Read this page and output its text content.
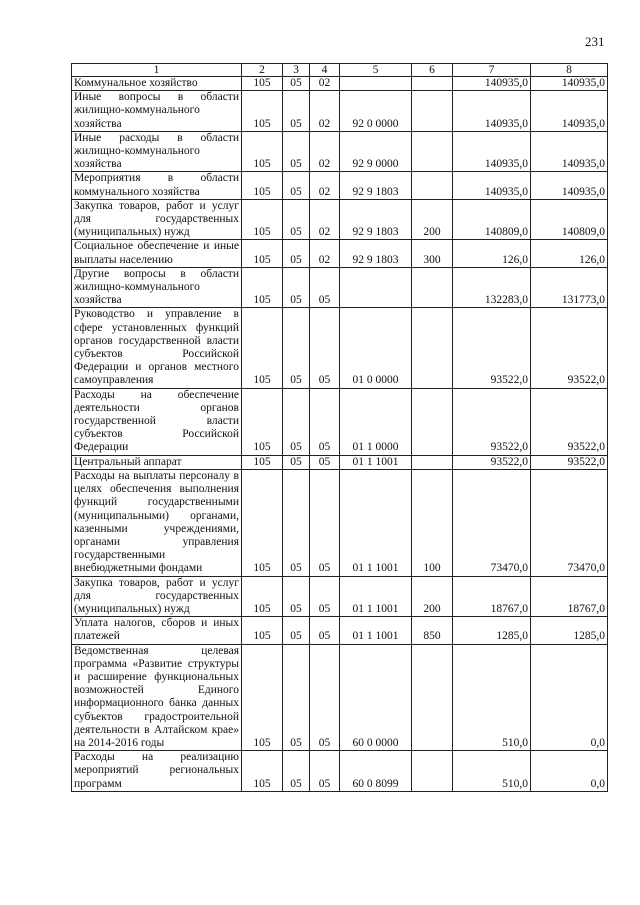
231
1	2	3	4	5	6	7	8
Коммунальное хозяйство	105	05	02			140935,0	140935,0
Иные вопросы в области жилищно-коммунального хозяйства	105	05	02	92 0 0000		140935,0	140935,0
Иные расходы в области жилищно-коммунального хозяйства	105	05	02	92 9 0000		140935,0	140935,0
Мероприятия в области коммунального хозяйства	105	05	02	92 9 1803		140935,0	140935,0
Закупка товаров, работ и услуг для государственных (муниципальных) нужд	105	05	02	92 9 1803	200	140809,0	140809,0
Социальное обеспечение и иные выплаты населению	105	05	02	92 9 1803	300	126,0	126,0
Другие вопросы в области жилищно-коммунального хозяйства	105	05	05			132283,0	131773,0
Руководство и управление в сфере установленных функций органов государственной власти субъектов Российской Федерации и органов местного самоуправления	105	05	05	01 0 0000		93522,0	93522,0
Расходы на обеспечение деятельности органов государственной власти субъектов Российской Федерации	105	05	05	01 1 0000		93522,0	93522,0
Центральный аппарат	105	05	05	01 1 1001		93522,0	93522,0
Расходы на выплаты персоналу в целях обеспечения выполнения функций государственными (муниципальными) органами, казенными учреждениями, органами управления государственными внебюджетными фондами	105	05	05	01 1 1001	100	73470,0	73470,0
Закупка товаров, работ и услуг для государственных (муниципальных) нужд	105	05	05	01 1 1001	200	18767,0	18767,0
Уплата налогов, сборов и иных платежей	105	05	05	01 1 1001	850	1285,0	1285,0
Ведомственная целевая программа «Развитие структуры и расширение функциональных возможностей Единого информационного банка данных субъектов градостроительной деятельности в Алтайском крае» на 2014-2016 годы	105	05	05	60 0 0000		510,0	0,0
Расходы на реализацию мероприятий региональных программ	105	05	05	60 0 8099		510,0	0,0
